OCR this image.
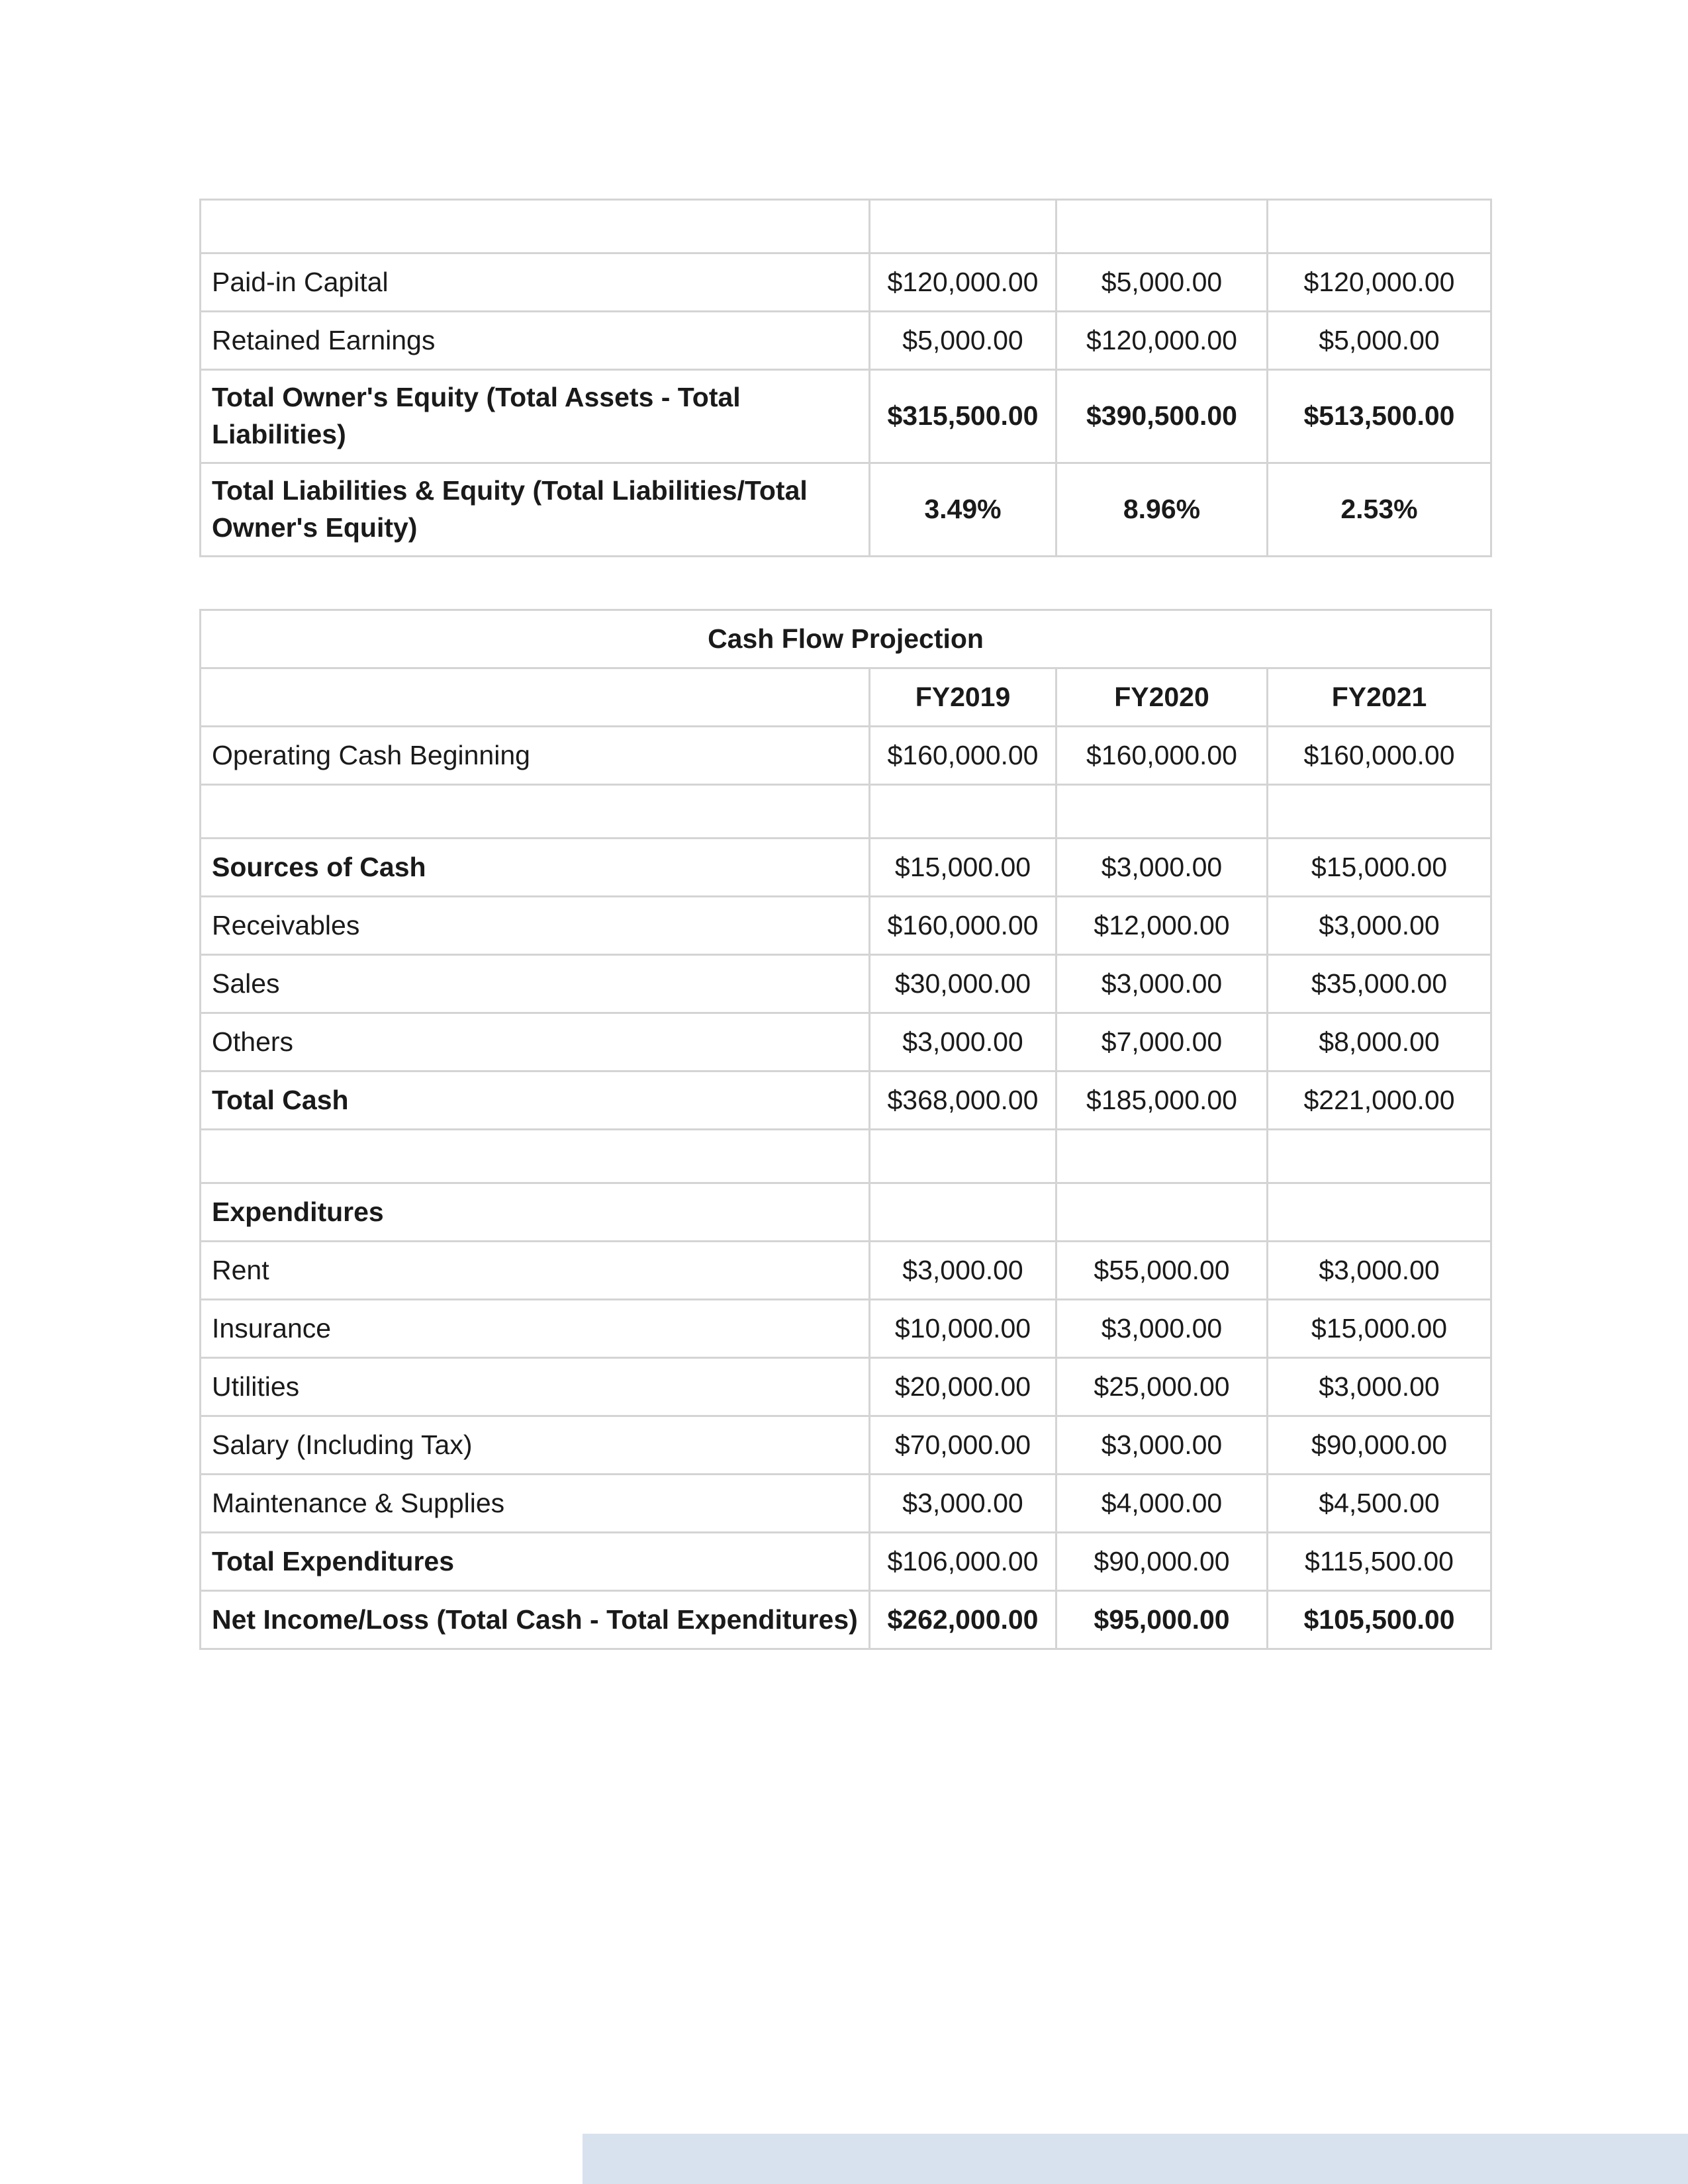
Paid-in Capital	$120,000.00	$5,000.00	$120,000.00
Retained Earnings	$5,000.00	$120,000.00	$5,000.00
Total Owner's Equity (Total Assets - Total Liabilities)	$315,500.00	$390,500.00	$513,500.00
Total Liabilities & Equity (Total Liabilities/Total Owner's Equity)	3.49%	8.96%	2.53%
Cash Flow Projection			
	FY2019	FY2020	FY2021
Operating Cash Beginning	$160,000.00	$160,000.00	$160,000.00

Sources of Cash	$15,000.00	$3,000.00	$15,000.00
Receivables	$160,000.00	$12,000.00	$3,000.00
Sales	$30,000.00	$3,000.00	$35,000.00
Others	$3,000.00	$7,000.00	$8,000.00
Total Cash	$368,000.00	$185,000.00	$221,000.00

Expenditures			
Rent	$3,000.00	$55,000.00	$3,000.00
Insurance	$10,000.00	$3,000.00	$15,000.00
Utilities	$20,000.00	$25,000.00	$3,000.00
Salary (Including Tax)	$70,000.00	$3,000.00	$90,000.00
Maintenance & Supplies	$3,000.00	$4,000.00	$4,500.00
Total Expenditures	$106,000.00	$90,000.00	$115,500.00
Net Income/Loss (Total Cash - Total Expenditures)	$262,000.00	$95,000.00	$105,500.00
